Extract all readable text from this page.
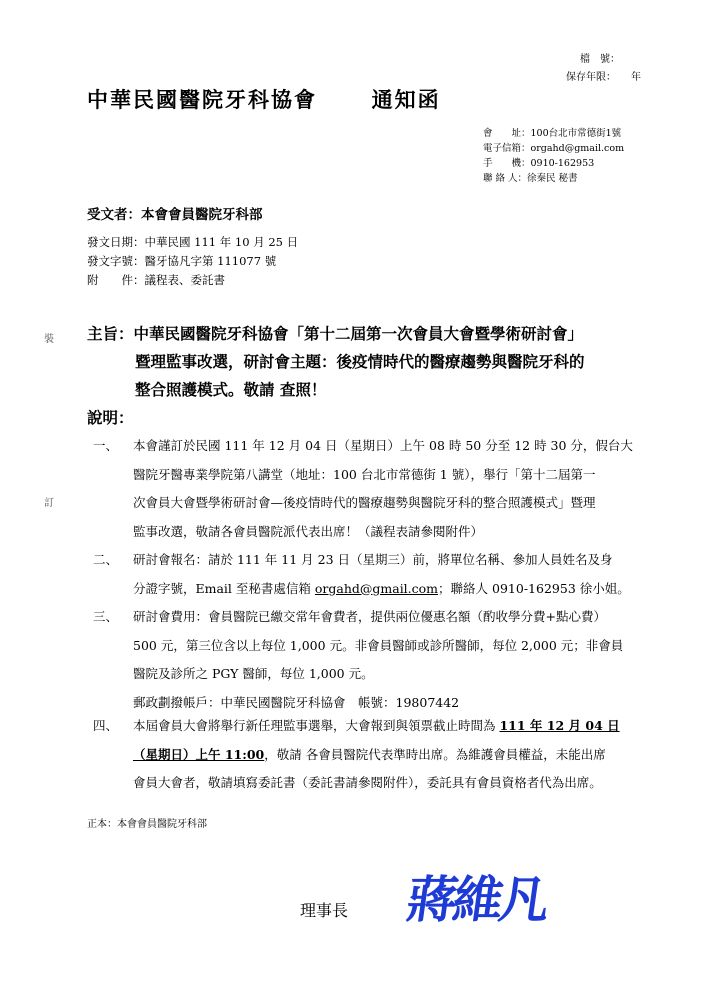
檔　號：
保存年限：　　年
中華民國醫院牙科協會	通知函
會　　址：100台北市常德街1號
電子信箱：orgahd@gmail.com
手　　機：0910-162953
聯 絡 人：徐秦民 秘書
受文者：本會會員醫院牙科部
發文日期：中華民國 111 年 10 月 25 日
發文字號：醫牙協凡字第 111077 號
附　　件：議程表、委託書
裝
訂
主旨：中華民國醫院牙科協會「第十二屆第一次會員大會暨學術研討會」
暨理監事改選，研討會主題：後疫情時代的醫療趨勢與醫院牙科的
整合照護模式。敬請 查照！
說明：
一、 本會謹訂於民國 111 年 12 月 04 日（星期日）上午 08 時 50 分至 12 時 30 分，假台大
醫院牙醫專業學院第八講堂（地址：100 台北市常德街 1 號），舉行「第十二屆第一
次會員大會暨學術研討會—後疫情時代的醫療趨勢與醫院牙科的整合照護模式」暨理
監事改選，敬請各會員醫院派代表出席！（議程表請參閱附件）
二、 研討會報名：請於 111 年 11 月 23 日（星期三）前，將單位名稱、參加人員姓名及身
分證字號，Email 至秘書處信箱 orgahd@gmail.com；聯絡人 0910-162953 徐小姐。
三、 研討會費用：會員醫院已繳交常年會費者，提供兩位優惠名額（酌收學分費+點心費）
500 元，第三位含以上每位 1,000 元。非會員醫師或診所醫師，每位 2,000 元；非會員
醫院及診所之 PGY 醫師，每位 1,000 元。
郵政劃撥帳戶：中華民國醫院牙科協會　帳號：19807442
四、 本屆會員大會將舉行新任理監事選舉，大會報到與領票截止時間為 111 年 12 月 04 日
（星期日）上午 11:00，敬請 各會員醫院代表準時出席。為維護會員權益，未能出席
會員大會者，敬請填寫委託書（委託書請參閱附件），委託具有會員資格者代為出席。
正本：本會會員醫院牙科部
理事長 蔣維凡
